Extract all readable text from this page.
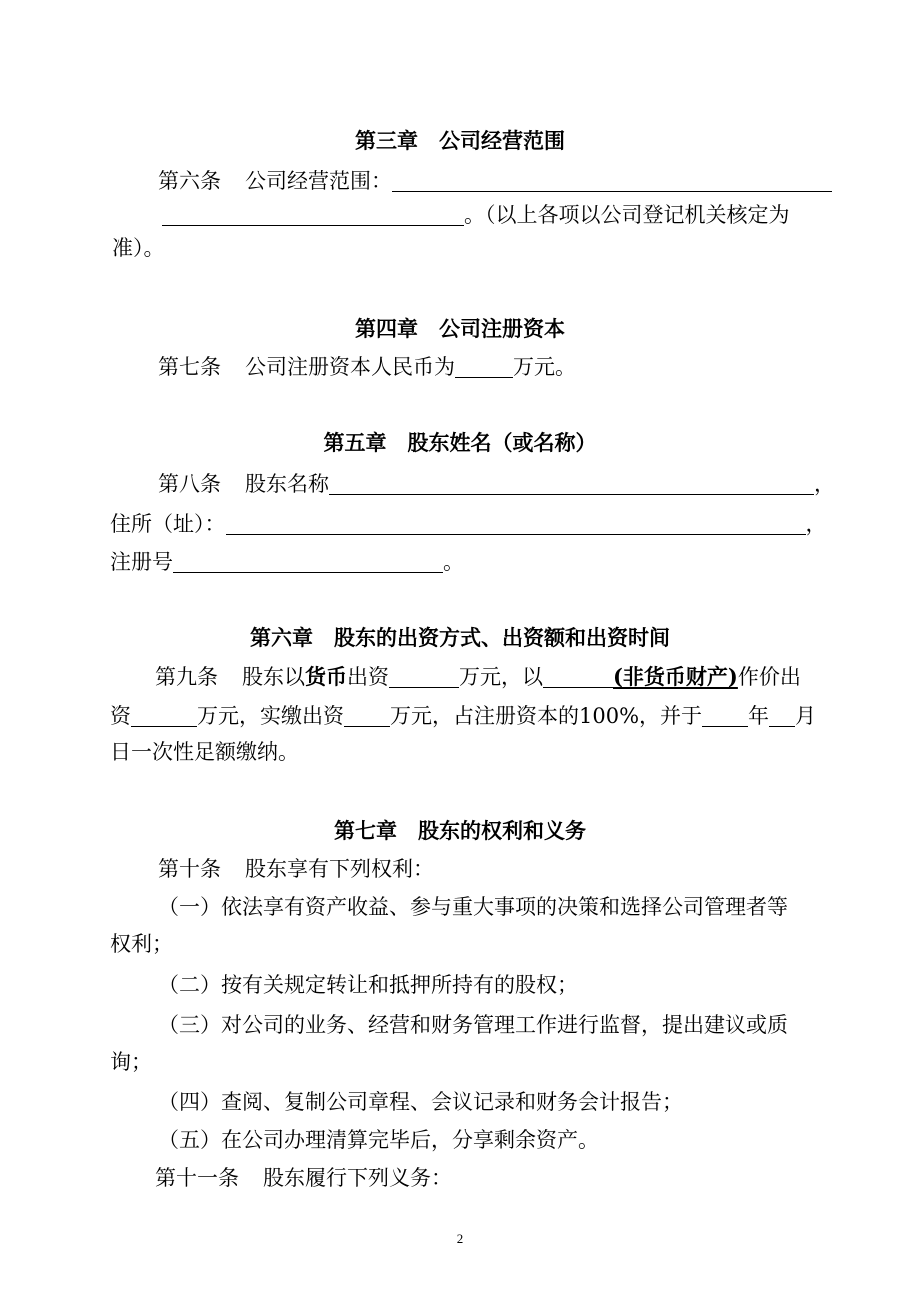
第三章　公司经营范围
第六条 公司经营范围：
。（以上各项以公司登记机关核定为
准）。
第四章　公司注册资本
第七条 公司注册资本人民币为	万元。
第五章　股东姓名（或名称）
第八条 股东名称	，
住所（址）：	，
注册号	。
第六章　股东的出资方式、出资额和出资时间
第九条 股东以货币出资	万元，以	(非货币财产)作价出
资	万元，实缴出资 万元，占注册资本的100%，并于 年 月
日一次性足额缴纳。
第七章　股东的权利和义务
第十条 股东享有下列权利：
（一）依法享有资产收益、参与重大事项的决策和选择公司管理者等
权利；
（二）按有关规定转让和抵押所持有的股权；
（三）对公司的业务、经营和财务管理工作进行监督，提出建议或质
询；
（四）查阅、复制公司章程、会议记录和财务会计报告；
（五）在公司办理清算完毕后，分享剩余资产。
第十一条 股东履行下列义务：
2
